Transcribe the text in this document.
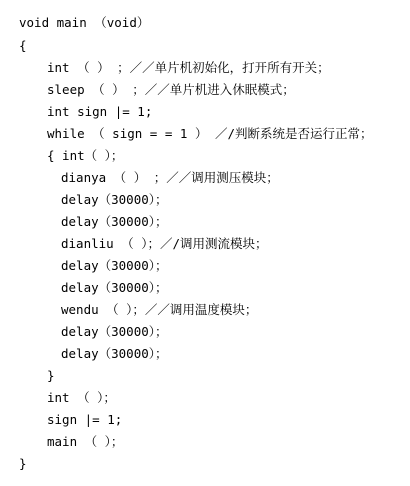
void main （void）
{
int （ ） ；／／单片机初始化，打开所有开关；
sleep （ ） ；／／单片机进入休眠模式；
int sign |= 1;
while （ sign = = 1 ） ／/判断系统是否运行正常；
{ int（ ）；
dianya （ ） ；／／调用测压模块；
delay（30000）；
delay（30000）；
dianliu （ ）；／/调用测流模块；
delay（30000）；
delay（30000）；
wendu （ ）；／／调用温度模块；
delay（30000）；
delay（30000）；
}
int （ ）；
sign |= 1;
main （ ）；
}
